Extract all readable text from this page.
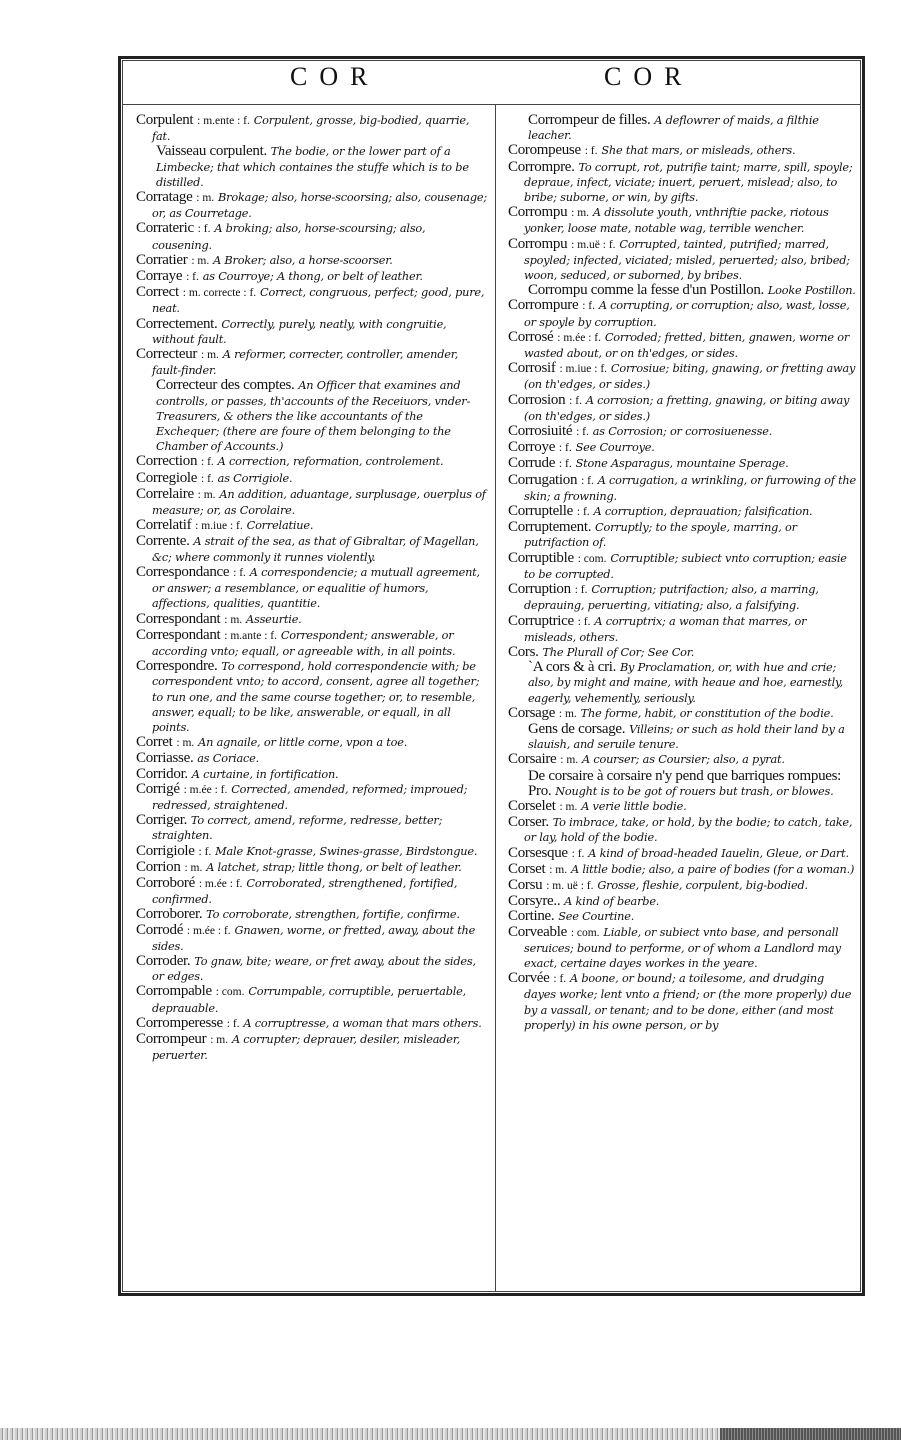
COR	COR

Corpulent : m.ente : f. Corpulent, grosse, big-bodied, quarrie, fat.

Vaisseau corpulent. The bodie, or the lower part of a Limbecke; that which containes the stuffe which is to be distilled.

Corratage : m. Brokage; also, horse-scoorsing; also, cousenage; or, as Courretage.

Corrateric : f. A broking; also, horse-scoursing; also, cousening.

Corratier : m. A Broker; also, a horse-scoorser.

Corraye : f. as Courroye; A thong, or belt of leather.

Correct : m. correcte : f. Correct, congruous, perfect; good, pure, neat.

Correctement. Correctly, purely, neatly, with congruitie, without fault.

Correcteur : m. A reformer, correcter, controller, amender, fault-finder.

Correcteur des comptes. An Officer that examines and controlls, or passes, th'accounts of the Receiuors, vnder-Treasurers, & others the like accountants of the Exchequer; (there are foure of them belonging to the Chamber of Accounts.)

Correction : f. A correction, reformation, controlement.

Corregiole : f. as Corrigiole.

Correlaire : m. An addition, aduantage, surplusage, ouerplus of measure; or, as Corolaire.

Correlatif : m.iue : f. Correlatiue.

Corrente. A strait of the sea, as that of Gibraltar, of Magellan, &c; where commonly it runnes violently.

Correspondance : f. A correspondencie; a mutuall agreement, or answer; a resemblance, or equalitie of humors, affections, qualities, quantitie.

Correspondant : m. Asseurtie.

Correspondant : m.ante : f. Correspondent; answerable, or according vnto; equall, or agreeable with, in all points.

Correspondre. To correspond, hold correspondencie with; be correspondent vnto; to accord, consent, agree all together; to run one, and the same course together; or, to resemble, answer, equall; to be like, answerable, or equall, in all points.

Corret : m. An agnaile, or little corne, vpon a toe.

Corriasse. as Coriace.

Corridor. A curtaine, in fortification.

Corrigé : m.ée : f. Corrected, amended, reformed; improued; redressed, straightened.

Corriger. To correct, amend, reforme, redresse, better; straighten.

Corrigiole : f. Male Knot-grasse, Swines-grasse, Birdstongue.

Corrion : m. A latchet, strap; little thong, or belt of leather.

Corroboré : m.ée : f. Corroborated, strengthened, fortified, confirmed.

Corroborer. To corroborate, strengthen, fortifie, confirme.

Corrodé : m.ée : f. Gnawen, worne, or fretted, away, about the sides.

Corroder. To gnaw, bite; weare, or fret away, about the sides, or edges.

Corrompable : com. Corrumpable, corruptible, peruertable, deprauable.

Corromperesse : f. A corruptresse, a woman that mars others.

Corrompeur : m. A corrupter; deprauer, desiler, misleader, peruerter.

Corrompeur de filles. A deflowrer of maids, a filthie leacher.

Corompeuse : f. She that mars, or misleads, others.

Corrompre. To corrupt, rot, putrifie taint; marre, spill, spoyle; depraue, infect, viciate; inuert, peruert, mislead; also, to bribe; suborne, or win, by gifts.

Corrompu : m. A dissolute youth, vnthriftie packe, riotous yonker, loose mate, notable wag, terrible wencher.

Corrompu : m.uë : f. Corrupted, tainted, putrified; marred, spoyled; infected, viciated; misled, peruerted; also, bribed; woon, seduced, or suborned, by bribes.

Corrompu comme la fesse d'un Postillon. Looke Postillon.

Corrompure : f. A corrupting, or corruption; also, wast, losse, or spoyle by corruption.

Corrosé : m.ée : f. Corroded; fretted, bitten, gnawen, worne or wasted about, or on th'edges, or sides.

Corrosif : m.iue : f. Corrosiue; biting, gnawing, or fretting away (on th'edges, or sides.)

Corrosion : f. A corrosion; a fretting, gnawing, or biting away (on th'edges, or sides.)

Corrosiuité : f. as Corrosion; or corrosiuenesse.

Corroye : f. See Courroye.

Corrude : f. Stone Asparagus, mountaine Sperage.

Corrugation : f. A corrugation, a wrinkling, or furrowing of the skin; a frowning.

Corruptelle : f. A corruption, deprauation; falsification.

Corruptement. Corruptly; to the spoyle, marring, or putrifaction of.

Corruptible : com. Corruptible; subiect vnto corruption; easie to be corrupted.

Corruption : f. Corruption; putrifaction; also, a marring, deprauing, peruerting, vitiating; also, a falsifying.

Corruptrice : f. A corruptrix; a woman that marres, or misleads, others.

Cors. The Plurall of Cor; See Cor.

`A cors & à cri. By Proclamation, or, with hue and crie; also, by might and maine, with heaue and hoe, earnestly, eagerly, vehemently, seriously.

Corsage : m. The forme, habit, or constitution of the bodie.

Gens de corsage. Villeins; or such as hold their land by a slauish, and seruile tenure.

Corsaire : m. A courser; as Coursier; also, a pyrat.

De corsaire à corsaire n'y pend que barriques rompues: Pro. Nought is to be got of rouers but trash, or blowes.

Corselet : m. A verie little bodie.

Corser. To imbrace, take, or hold, by the bodie; to catch, take, or lay, hold of the bodie.

Corsesque : f. A kind of broad-headed Iauelin, Gleue, or Dart.

Corset : m. A little bodie; also, a paire of bodies (for a woman.)

Corsu : m. uë : f. Grosse, fleshie, corpulent, big-bodied.

Corsyre.. A kind of bearbe.

Cortine. See Courtine.

Corveable : com. Liable, or subiect vnto base, and personall seruices; bound to performe, or of whom a Landlord may exact, certaine dayes workes in the yeare.

Corvée : f. A boone, or bound; a toilesome, and drudging dayes worke; lent vnto a friend; or (the more properly) due by a vassall, or tenant; and to be done, either (and most properly) in his owne person, or by
